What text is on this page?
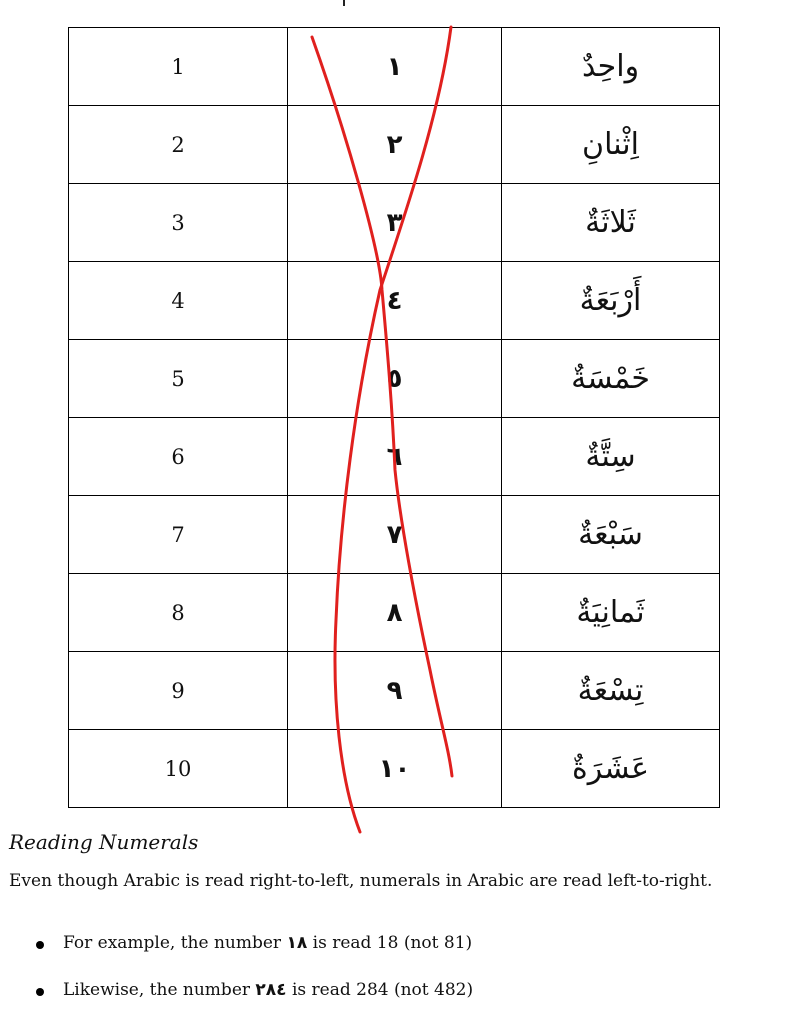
1	١	واحِدٌ
2	٢	اِثْنانِ
3	٣	ثَلاثَةٌ
4	٤	أَرْبَعَةٌ
5	٥	خَمْسَةٌ
6	٦	سِتَّةٌ
7	٧	سَبْعَةٌ
8	٨	ثَمانِيَةٌ
9	٩	تِسْعَةٌ
10	١٠	عَشَرَةٌ
Reading Numerals

Even though Arabic is read right-to-left, numerals in Arabic are read left-to-right.

For example, the number ١٨ is read 18 (not 81)
Likewise, the number ٢٨٤ is read 284 (not 482)
